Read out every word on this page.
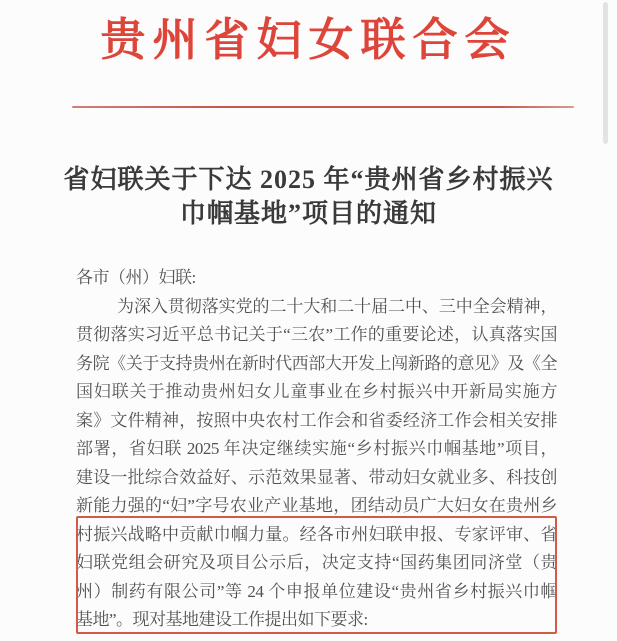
贵州省妇女联合会
省妇联关于下达 2025 年“贵州省乡村振兴
巾帼基地”项目的通知
各市（州）妇联:
为深入贯彻落实党的二十大和二十届二中、三中全会精神，
贯彻落实习近平总书记关于“三农”工作的重要论述，认真落实国
务院《关于支持贵州在新时代西部大开发上闯新路的意见》及《全
国妇联关于推动贵州妇女儿童事业在乡村振兴中开新局实施方
案》文件精神，按照中央农村工作会和省委经济工作会相关安排
部署，省妇联 2025 年决定继续实施“乡村振兴巾帼基地”项目，
建设一批综合效益好、示范效果显著、带动妇女就业多、科技创
新能力强的“妇”字号农业产业基地，团结动员广大妇女在贵州乡
村振兴战略中贡献巾帼力量。经各市州妇联申报、专家评审、省
妇联党组会研究及项目公示后，决定支持“国药集团同济堂（贵
州）制药有限公司”等 24 个申报单位建设“贵州省乡村振兴巾帼
基地”。现对基地建设工作提出如下要求:
